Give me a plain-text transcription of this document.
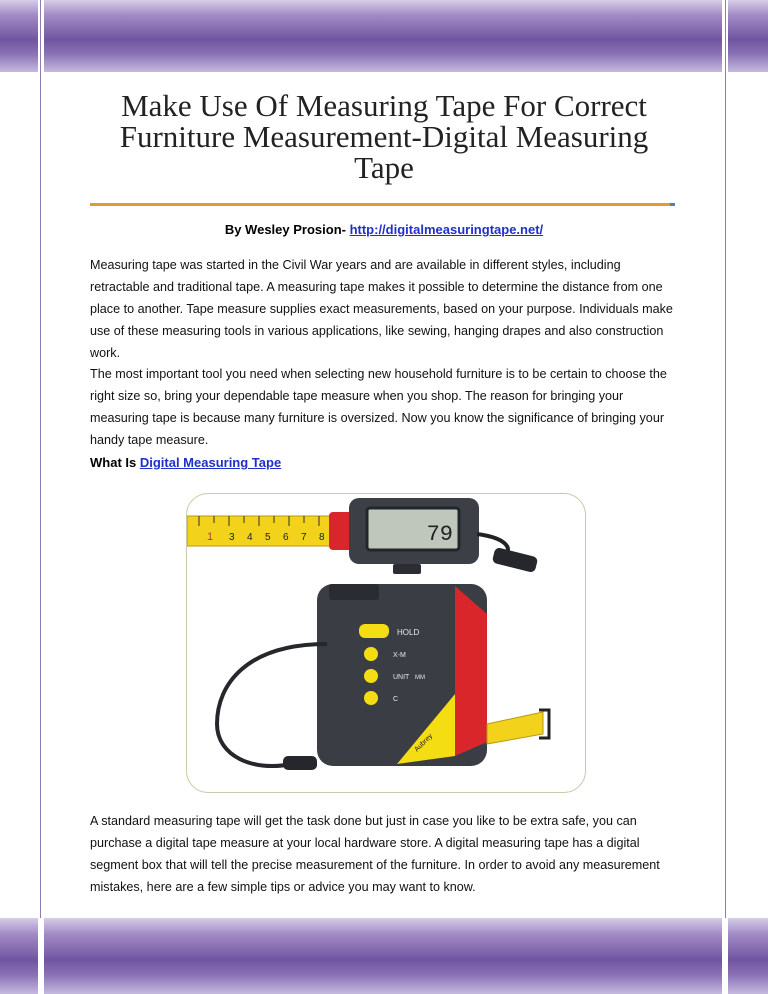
Make Use Of Measuring Tape For Correct Furniture Measurement-Digital Measuring Tape
By Wesley Prosion- http://digitalmeasuringtape.net/

Measuring tape was started in the Civil War years and are available in different styles, including retractable and traditional tape. A measuring tape makes it possible to determine the distance from one place to another. Tape measure supplies exact measurements, based on your purpose. Individuals make use of these measuring tools in various applications, like sewing, hanging drapes and also construction work.

The most important tool you need when selecting new household furniture is to be certain to choose the right size so, bring your dependable tape measure when you shop. The reason for bringing your measuring tape is because many furniture is oversized. Now you know the significance of bringing your handy tape measure.

What Is Digital Measuring Tape
1 3 4 5 6 7 8	79
HOLD
X-M
UNIT MM
C
Aubrey

A standard measuring tape will get the task done but just in case you like to be extra safe, you can purchase a digital tape measure at your local hardware store. A digital measuring tape has a digital segment box that will tell the precise measurement of the furniture. In order to avoid any measurement mistakes, here are a few simple tips or advice you may want to know.
